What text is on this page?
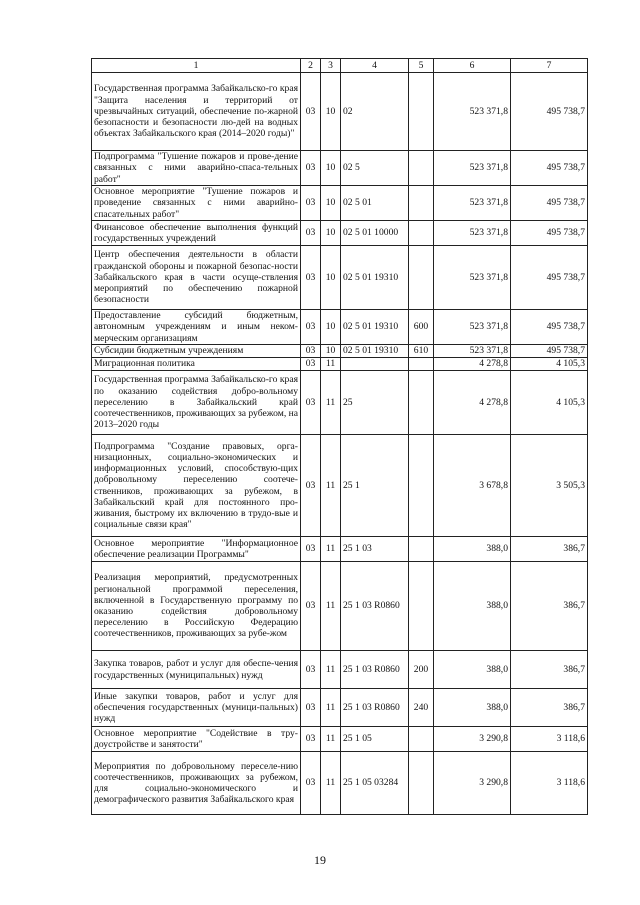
1	2	3	4	5	6	7
Государственная программа Забайкальско-го края "Защита населения и территорий от чрезвычайных ситуаций, обеспечение по-жарной безопасности и безопасности лю-дей на водных объектах Забайкальского края (2014–2020 годы)"	03	10	02		523 371,8	495 738,7
Подпрограмма "Тушение пожаров и прове-дение связанных с ними аварийно-спаса-тельных работ"	03	10	02 5		523 371,8	495 738,7
Основное мероприятие "Тушение пожаров и проведение связанных с ними аварийно-спасательных работ"	03	10	02 5 01		523 371,8	495 738,7
Финансовое обеспечение выполнения функций государственных учреждений	03	10	02 5 01 10000		523 371,8	495 738,7
Центр обеспечения деятельности в области гражданской обороны и пожарной безопас-ности Забайкальского края в части осуще-ствления мероприятий по обеспечению пожарной безопасности	03	10	02 5 01 19310		523 371,8	495 738,7
Предоставление субсидий бюджетным, автономным учреждениям и иным неком-мерческим организациям	03	10	02 5 01 19310	600	523 371,8	495 738,7
Субсидии бюджетным учреждениям	03	10	02 5 01 19310	610	523 371,8	495 738,7
Миграционная политика	03	11			4 278,8	4 105,3
Государственная программа Забайкальско-го края по оказанию содействия добро-вольному переселению в Забайкальский край соотечественников, проживающих за рубежом, на 2013–2020 годы	03	11	25		4 278,8	4 105,3
Подпрограмма "Создание правовых, орга-низационных, социально-экономических и информационных условий, способствую-щих добровольному переселению соотече-ственников, проживающих за рубежом, в Забайкальский край для постоянного про-живания, быстрому их включению в трудо-вые и социальные связи края"	03	11	25 1		3 678,8	3 505,3
Основное мероприятие "Информационное обеспечение реализации Программы"	03	11	25 1 03		388,0	386,7
Реализация мероприятий, предусмотренных региональной программой переселения, включенной в Государственную программу по оказанию содействия добровольному переселению в Российскую Федерацию соотечественников, проживающих за рубе-жом	03	11	25 1 03 R0860		388,0	386,7
Закупка товаров, работ и услуг для обеспе-чения государственных (муниципальных) нужд	03	11	25 1 03 R0860	200	388,0	386,7
Иные закупки товаров, работ и услуг для обеспечения государственных (муници-пальных) нужд	03	11	25 1 03 R0860	240	388,0	386,7
Основное мероприятие "Содействие в тру-доустройстве и занятости"	03	11	25 1 05		3 290,8	3 118,6
Мероприятия по добровольному переселе-нию соотечественников, проживающих за рубежом, для социально-экономического и демографического развития Забайкальского края	03	11	25 1 05 03284		3 290,8	3 118,6
19
